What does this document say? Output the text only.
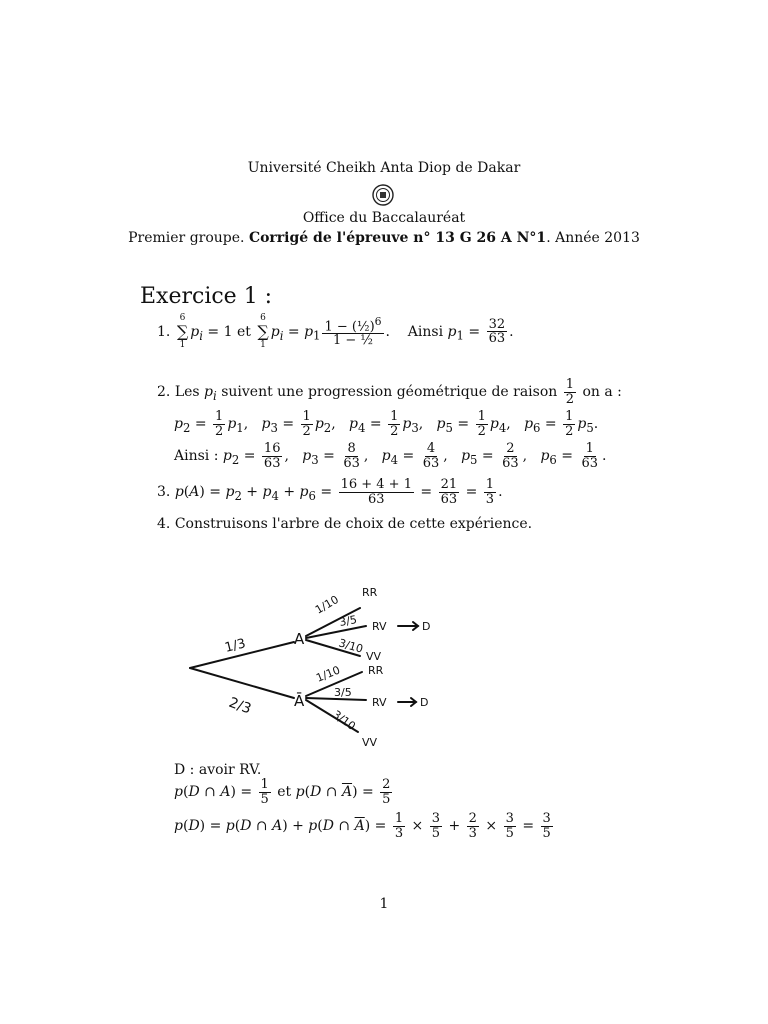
Université Cheikh Anta Diop de Dakar
Office du Baccalauréat
Premier groupe. Corrigé de l'épreuve n° 13 G 26 A N°1. Année 2013
Exercice 1 :
1.
6
∑
1
$p_i = 1$ et
6
∑
1
$p_i = p_1 \frac{1 - (\frac{1}{2})^6}{\text{1 − ½}}$ .    Ainsi $p_1 = \frac{32}{63}$ .
2. Les $p_i$ suivent une progression géométrique de raison $\frac{1}{2}$ on a :
$p_2 = \frac{1}{2} p_1$,   $p_3 = \frac{1}{2} p_2$,   $p_4 = \frac{1}{2} p_3$,   $p_5 = \frac{1}{2} p_4$,   $p_6 = \frac{1}{2} p_5$.
Ainsi : $p_2 = \frac{16}{63}$ ,   $p_3 = \frac{8}{63}$ ,   $p_4 = \frac{4}{63}$ ,   $p_5 = \frac{2}{63}$ ,   $p_6 = \frac{1}{63}$ .
3. $p(A) = p_2 + p_4 + p_6 = \frac{16 + 4 + 1}{63} = \frac{21}{63} = \frac{1}{3}$ .
4. Construisons l'arbre de choix de cette expérience.
1/3
2/3
A
Ā
1/10
RR
3/5 RV	D
3/10
VV
1/10 RR
3/5
RV	D
3/10
VV
D : avoir RV.
p(D ∩ $A) = \frac{1}{5}$ et p(D ∩ $\overline{A}) = \frac{2}{5}$
p(D) = p(D ∩ A) + p(D ∩ $\overline{A}) = \frac{1}{3} \times \frac{3}{5} + \frac{2}{3} \times \frac{3}{5} = \frac{3}{5}$
1
